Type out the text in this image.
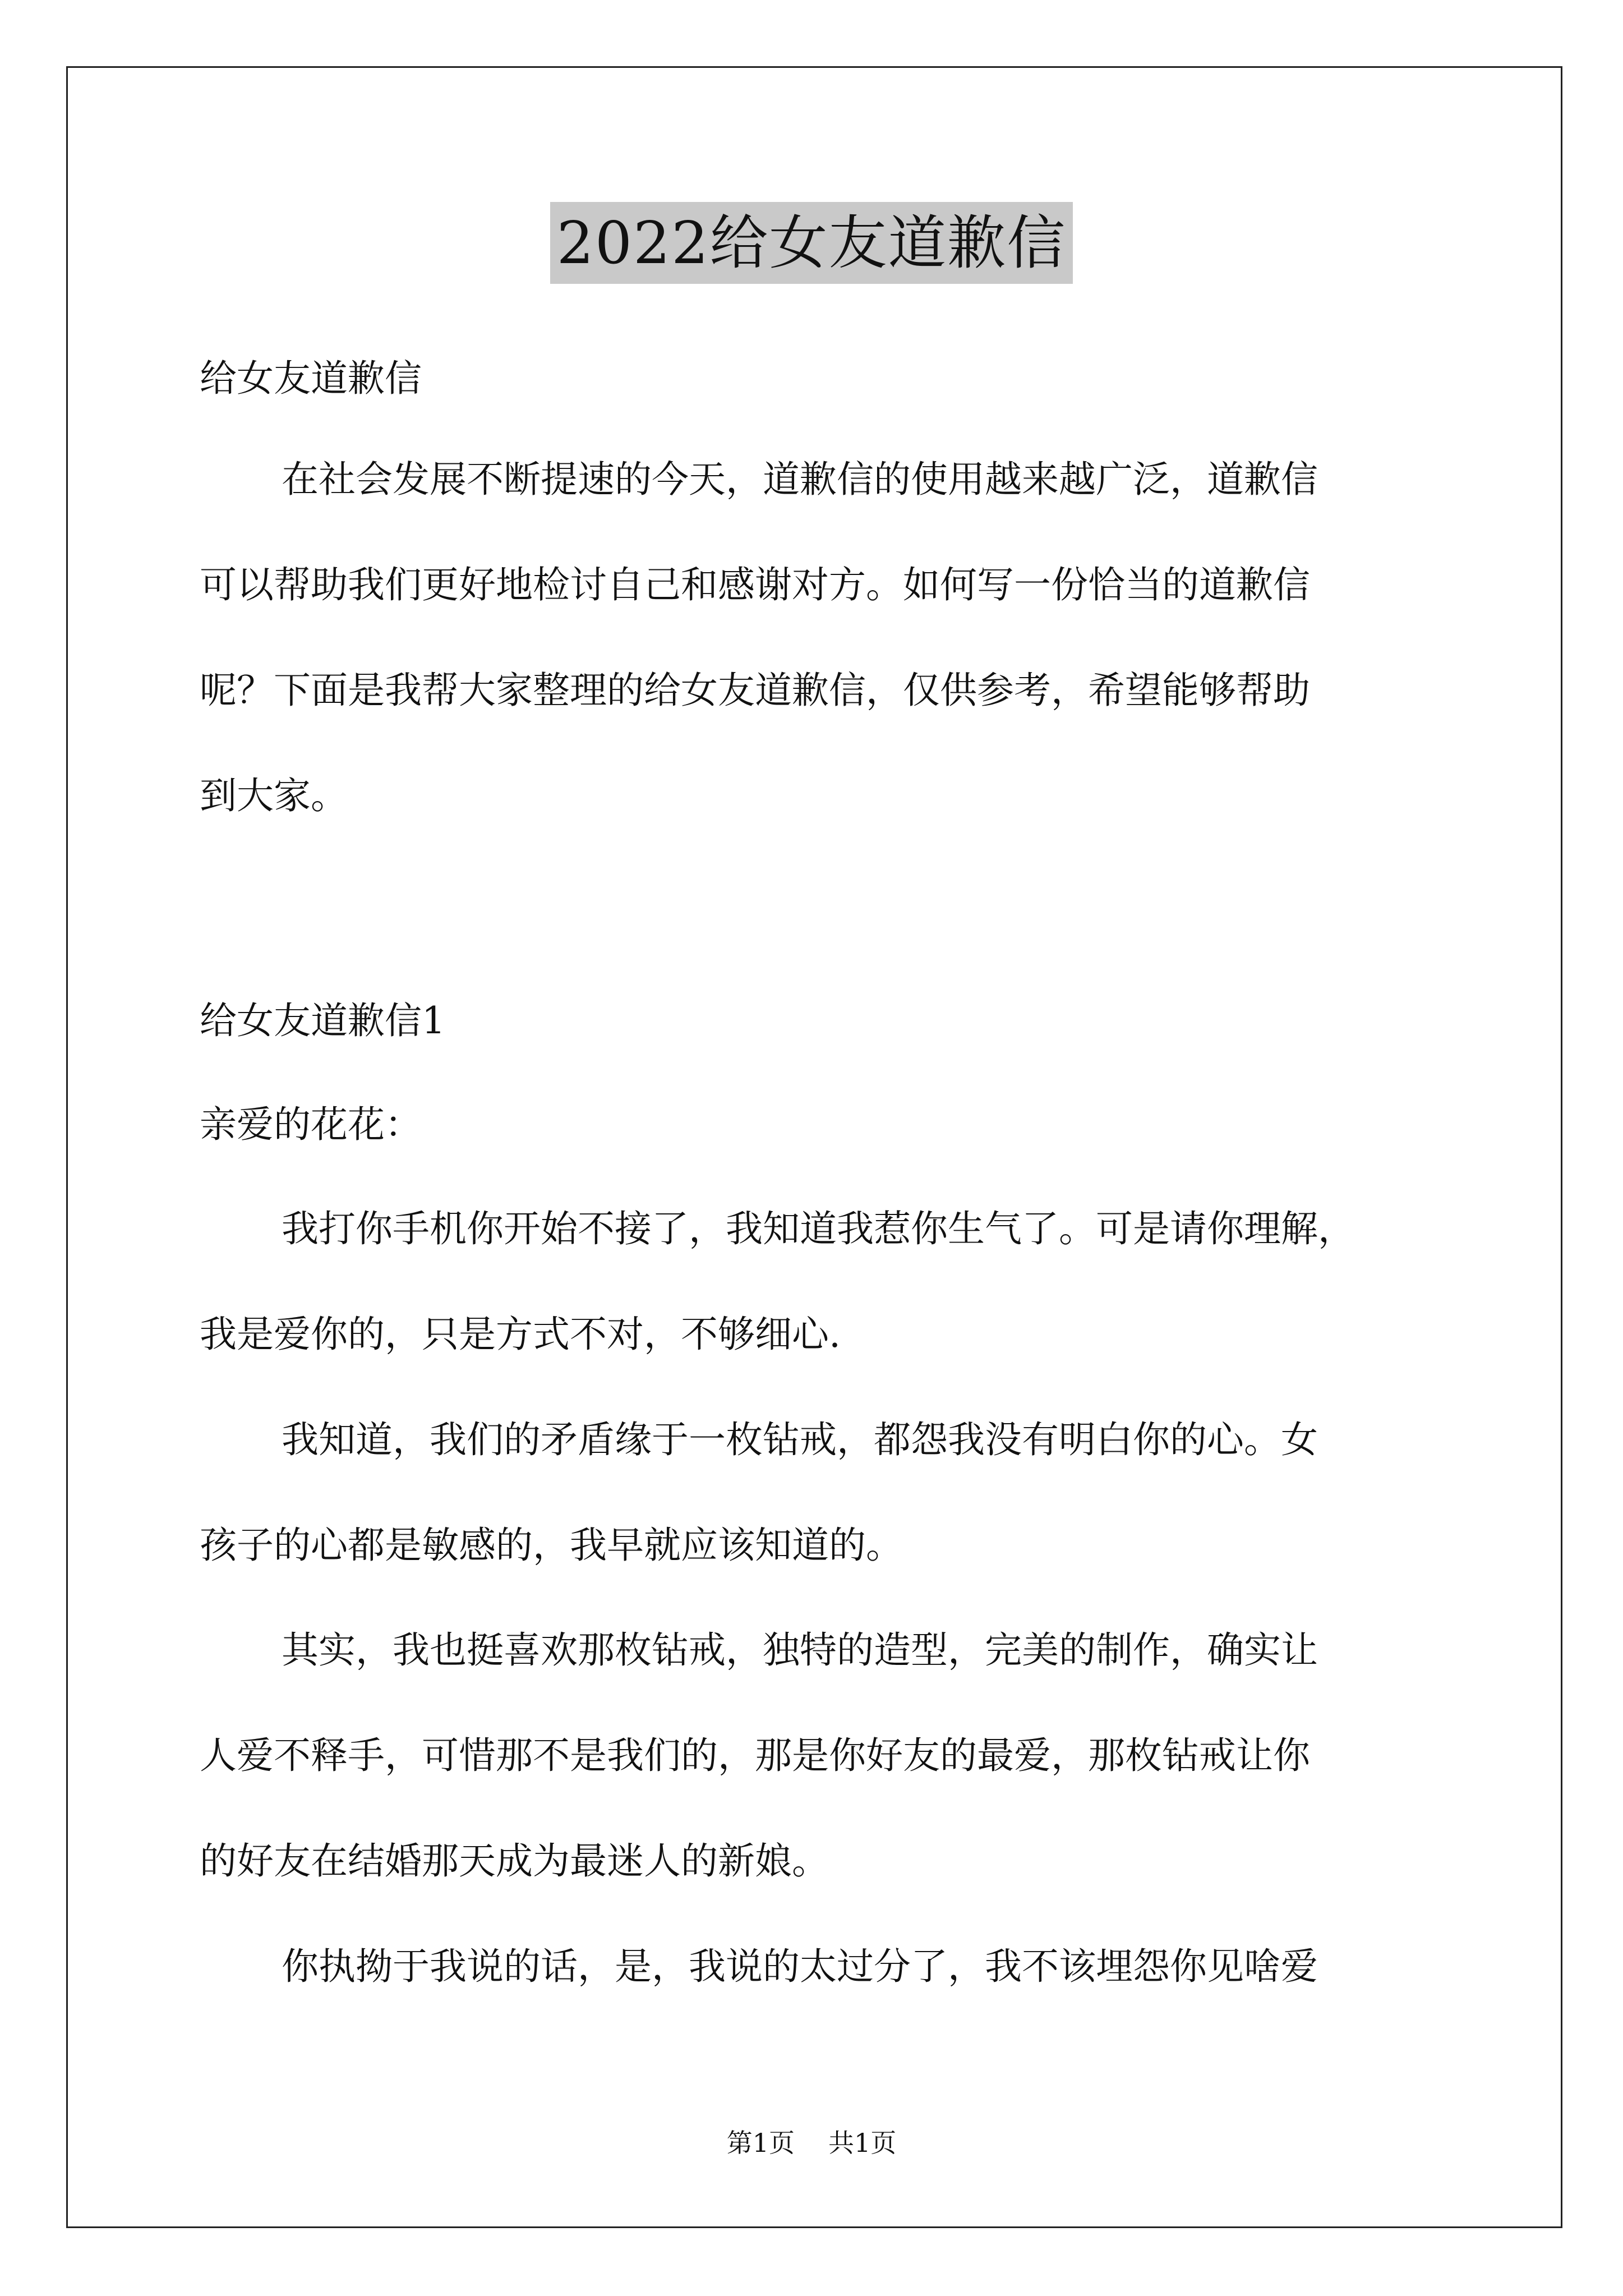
2022给女友道歉信
给女友道歉信
在社会发展不断提速的今天，道歉信的使用越来越广泛，道歉信
可以帮助我们更好地检讨自己和感谢对方。如何写一份恰当的道歉信
呢？下面是我帮大家整理的给女友道歉信，仅供参考，希望能够帮助
到大家。
给女友道歉信1
亲爱的花花：
我打你手机你开始不接了，我知道我惹你生气了。可是请你理解，
我是爱你的，只是方式不对，不够细心.
我知道，我们的矛盾缘于一枚钻戒，都怨我没有明白你的心。女
孩子的心都是敏感的，我早就应该知道的。
其实，我也挺喜欢那枚钻戒，独特的造型，完美的制作，确实让
人爱不释手，可惜那不是我们的，那是你好友的最爱，那枚钻戒让你
的好友在结婚那天成为最迷人的新娘。
你执拗于我说的话，是，我说的太过分了，我不该埋怨你见啥爱
第1页 共1页
